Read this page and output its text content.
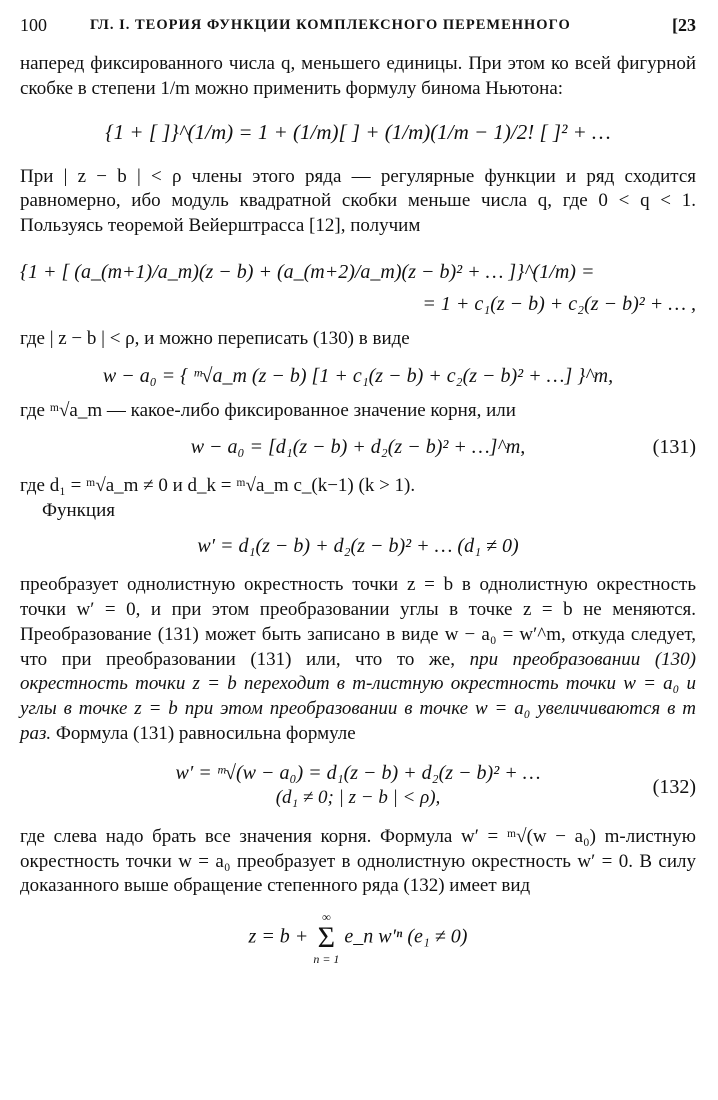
100	ГЛ. I. ТЕОРИЯ ФУНКЦИИ КОМПЛЕКСНОГО ПЕРЕМЕННОГО	[23

наперед фиксированного числа q, меньшего единицы. При этом ко всей фигурной скобке в степени 1/m можно применить формулу бинома Ньютона:

{1 + [ ]}^(1/m) = 1 + (1/m)[ ] + (1/m)(1/m − 1)/2! [ ]² + …

При | z − b | < ρ члены этого ряда — регулярные функции и ряд сходится равномерно, ибо модуль квадратной скобки меньше числа q, где 0 < q < 1. Пользуясь теоремой Вейерштрасса [12], получим

{1 + [ (a_(m+1)/a_m)(z − b) + (a_(m+2)/a_m)(z − b)² + … ]}^(1/m) =

= 1 + c₁(z − b) + c₂(z − b)² + … ,

где | z − b | < ρ, и можно переписать (130) в виде

w − a₀ = { ᵐ√a_m (z − b) [1 + c₁(z − b) + c₂(z − b)² + …] }^m,

где ᵐ√a_m — какое-либо фиксированное значение корня, или

w − a₀ = [d₁(z − b) + d₂(z − b)² + …]^m,	(131)

где d₁ = ᵐ√a_m ≠ 0 и d_k = ᵐ√a_m c_(k−1) (k > 1).

Функция

w′ = d₁(z − b) + d₂(z − b)² + … (d₁ ≠ 0)

преобразует однолистную окрестность точки z = b в однолистную окрестность точки w′ = 0, и при этом преобразовании углы в точке z = b не меняются. Преобразование (131) может быть записано в виде w − a₀ = w′^m, откуда следует, что при преобразовании (131) или, что то же, при преобразовании (130) окрестность точки z = b переходит в m-листную окрестность точки w = a₀ и углы в точке z = b при этом преобразовании в точке w = a₀ увеличиваются в m раз. Формула (131) равносильна формуле

w′ = ᵐ√(w − a₀) = d₁(z − b) + d₂(z − b)² + …
(d₁ ≠ 0; | z − b | < ρ),	(132)

где слева надо брать все значения корня. Формула w′ = ᵐ√(w − a₀) m-листную окрестность точки w = a₀ преобразует в однолистную окрестность w′ = 0. В силу доказанного выше обращение степенного ряда (132) имеет вид

z = b +
∞
Σ
n = 1
e_n w′ⁿ (e₁ ≠ 0)
